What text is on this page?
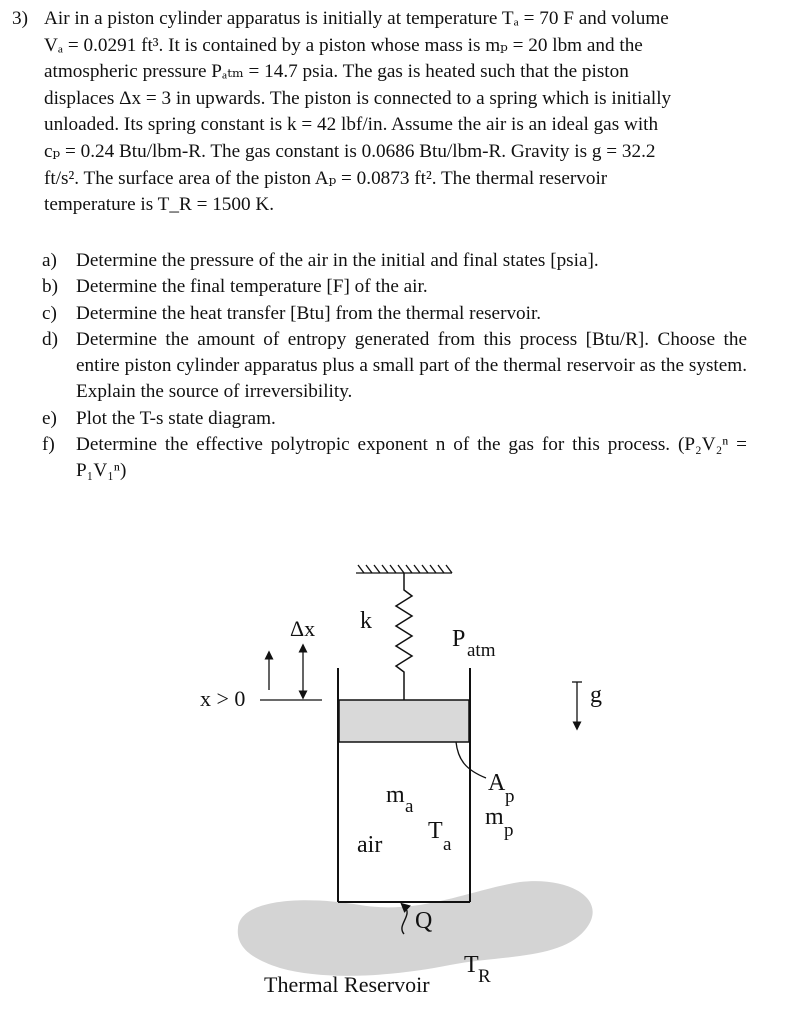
3) Air in a piston cylinder apparatus is initially at temperature Tₐ = 70 F and volume
Vₐ = 0.0291 ft³. It is contained by a piston whose mass is mₚ = 20 lbm and the
atmospheric pressure Pₐₜₘ = 14.7 psia. The gas is heated such that the piston
displaces Δx = 3 in upwards. The piston is connected to a spring which is initially
unloaded. Its spring constant is k = 42 lbf/in. Assume the air is an ideal gas with
cₚ = 0.24 Btu/lbm-R. The gas constant is 0.0686 Btu/lbm-R. Gravity is g = 32.2
ft/s². The surface area of the piston Aₚ = 0.0873 ft². The thermal reservoir
temperature is T_R = 1500 K.
a) Determine the pressure of the air in the initial and final states [psia].
b) Determine the final temperature [F] of the air.
c) Determine the heat transfer [Btu] from the thermal reservoir.
d) Determine the amount of entropy generated from this process [Btu/R]. Choose the entire piston cylinder apparatus plus a small part of the thermal reservoir as the system. Explain the source of irreversibility.
e) Plot the T-s state diagram.
f) Determine the effective polytropic exponent n of the gas for this process. (P₂V₂ⁿ = P₁V₁ⁿ)
x > 0
Δx k
P atm
g
m a
air
T
a
A
p
m
p
Q
T R
Thermal Reservoir
